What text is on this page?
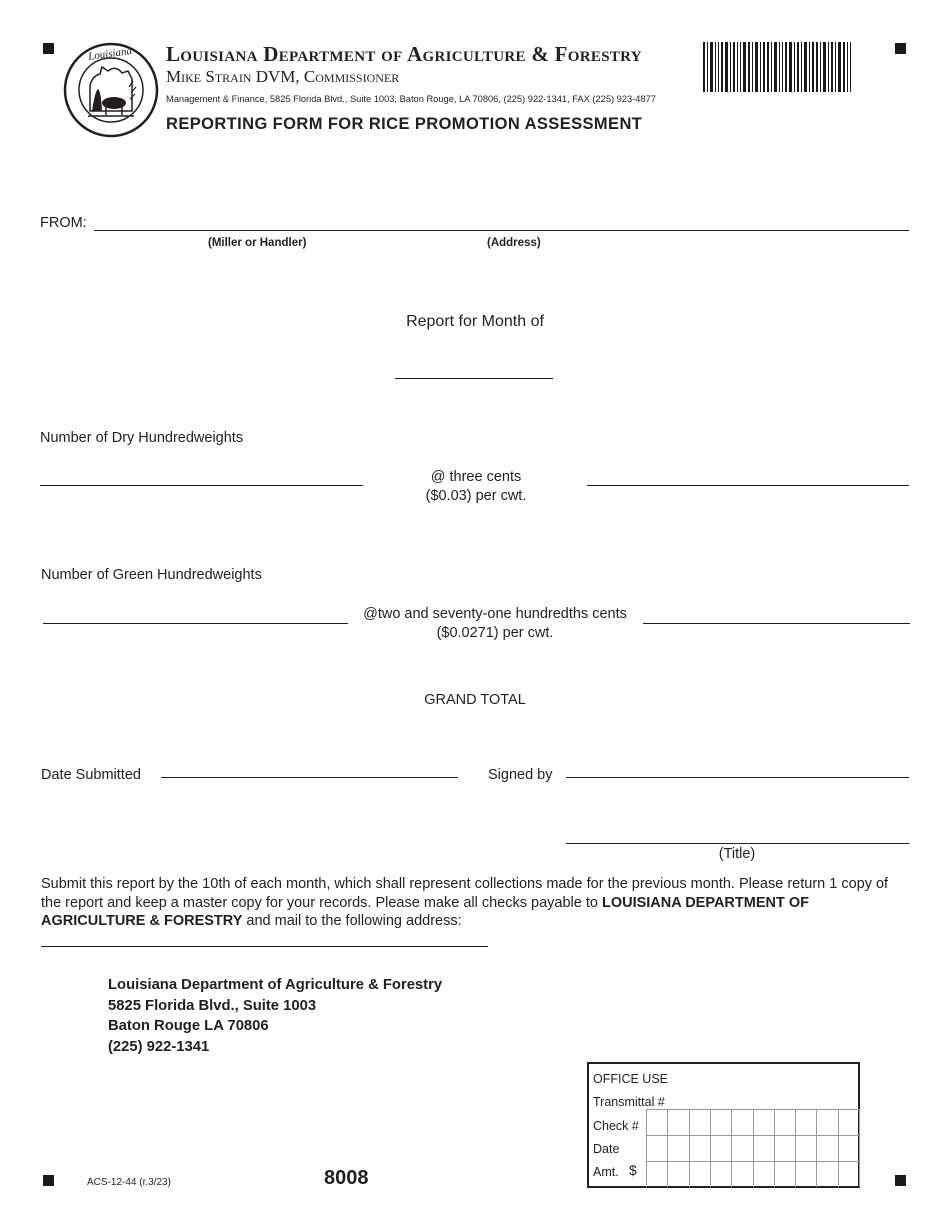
Louisiana Louisiana Department of Agriculture & Forestry
Mike Strain DVM, Commissioner
Management & Finance, 5825 Florida Blvd., Suite 1003, Baton Rouge, LA 70806, (225) 922-1341, FAX (225) 923-4877
REPORTING FORM FOR RICE PROMOTION ASSESSMENT
FROM:
(Miller or Handler)	(Address)
Report for Month of
Number of Dry Hundredweights
@ three cents
($0.03) per cwt.
Number of Green Hundredweights
@two and seventy-one hundredths cents
($0.0271) per cwt.
GRAND TOTAL
Date Submitted	Signed by
(Title)
Submit this report by the 10th of each month, which shall represent collections made for the previous month. Please return 1 copy of the report and keep a master copy for your records. Please make all checks payable to LOUISIANA DEPARTMENT OF AGRICULTURE & FORESTRY and mail to the following address:
Louisiana Department of Agriculture & Forestry
5825 Florida Blvd., Suite 1003
Baton Rouge LA 70806
(225) 922-1341
OFFICE USE
Transmittal #
Check #
Date
Amt. $
ACS-12-44 (r.3/23)	8008
